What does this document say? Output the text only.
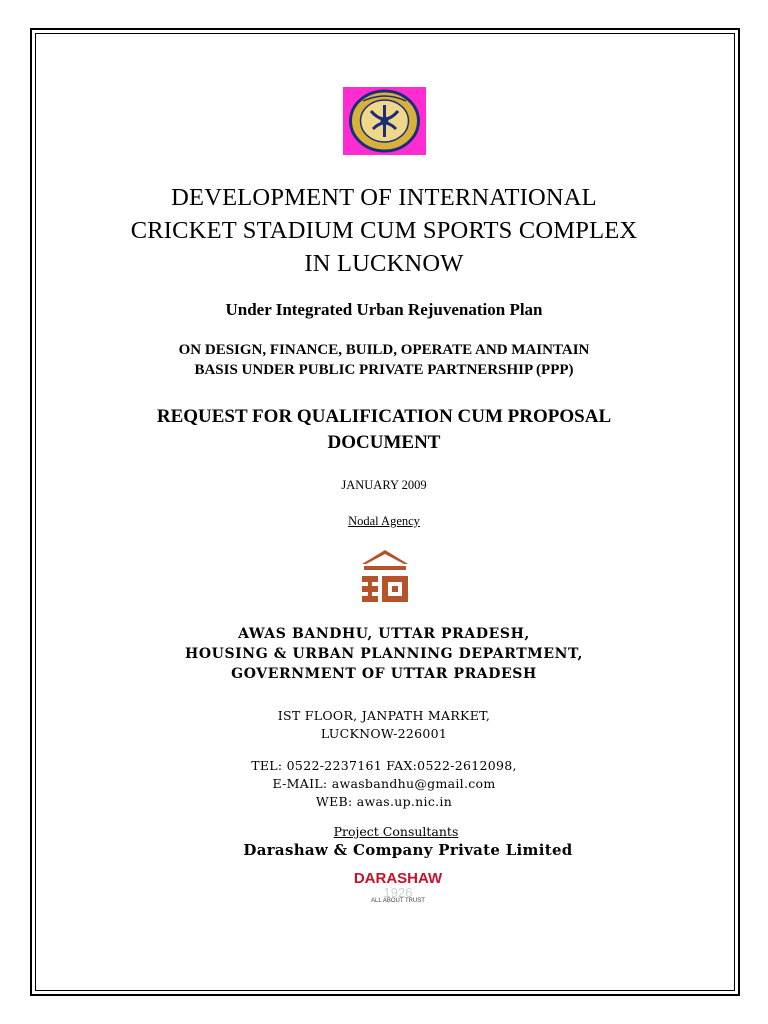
DEVELOPMENT OF INTERNATIONAL
CRICKET STADIUM CUM SPORTS COMPLEX
IN LUCKNOW
Under Integrated Urban Rejuvenation Plan
ON DESIGN, FINANCE, BUILD, OPERATE AND MAINTAIN
BASIS UNDER PUBLIC PRIVATE PARTNERSHIP (PPP)
REQUEST FOR QUALIFICATION CUM PROPOSAL
DOCUMENT
JANUARY 2009
Nodal Agency
AWAS BANDHU, UTTAR PRADESH,
HOUSING & URBAN PLANNING DEPARTMENT,
GOVERNMENT OF UTTAR PRADESH
IST FLOOR, JANPATH MARKET,
LUCKNOW-226001
TEL: 0522-2237161 FAX:0522-2612098,
E-MAIL: awasbandhu@gmail.com
WEB: awas.up.nic.in
Project Consultants
Darashaw & Company Private Limited
DARASHAW
1926
ALL ABOUT TRUST
